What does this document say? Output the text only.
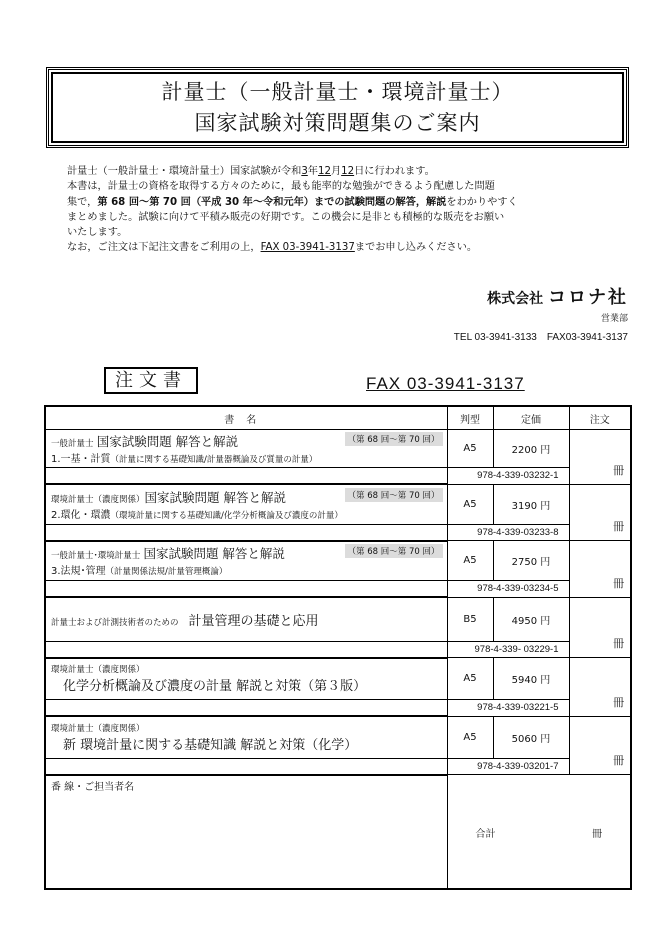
計量士（一般計量士・環境計量士）
国家試験対策問題集のご案内

計量士（一般計量士・環境計量士）国家試験が令和3年12月12日に行われます。

本書は，計量士の資格を取得する方々のために，最も能率的な勉強ができるよう配慮した問題

集で，第 68 回～第 70 回（平成 30 年～令和元年）までの試験問題の解答，解説をわかりやすく

まとめました。試験に向けて平積み販売の好期です。この機会に是非とも積極的な販売をお願い

いたします。

なお，ご注文は下記注文書をご利用の上，FAX 03-3941-3137までお申し込みください。

株式会社 コロナ社
営業部
TEL 03-3941-3133　FAX03-3941-3137
注文書	FAX 03-3941-3137
書名	判型	定価	注文

一般計量士 国家試験問題 解答と解説 （第 68 回～第 70 回）
1.一基・計質（計量に関する基礎知識/計量器概論及び質量の計量）	A5	2200 円	冊

	978-4-339-03232-1		

環境計量士（濃度関係）国家試験問題 解答と解説 （第 68 回～第 70 回）
2.環化・環濃（環境計量に関する基礎知識/化学分析概論及び濃度の計量）	A5	3190 円	冊

	978-4-339-03233-8		

一般計量士･環境計量士 国家試験問題 解答と解説 （第 68 回～第 70 回）
3.法規･管理（計量関係法規/計量管理概論）	A5	2750 円	冊

	978-4-339-03234-5		

計量士および計測技術者のための　 計量管理の基礎と応用	B5	4950 円	冊

	978-4-339- 03229-1		

環境計量士（濃度関係）
化学分析概論及び濃度の計量 解説と対策（第３版）	A5	5940 円	冊

	978-4-339-03221-5		

環境計量士（濃度関係）
新 環境計量に関する基礎知識 解説と対策（化学）	A5	5060 円	冊

	978-4-339-03201-7		
番 線・ご担当者名	合計 冊		
